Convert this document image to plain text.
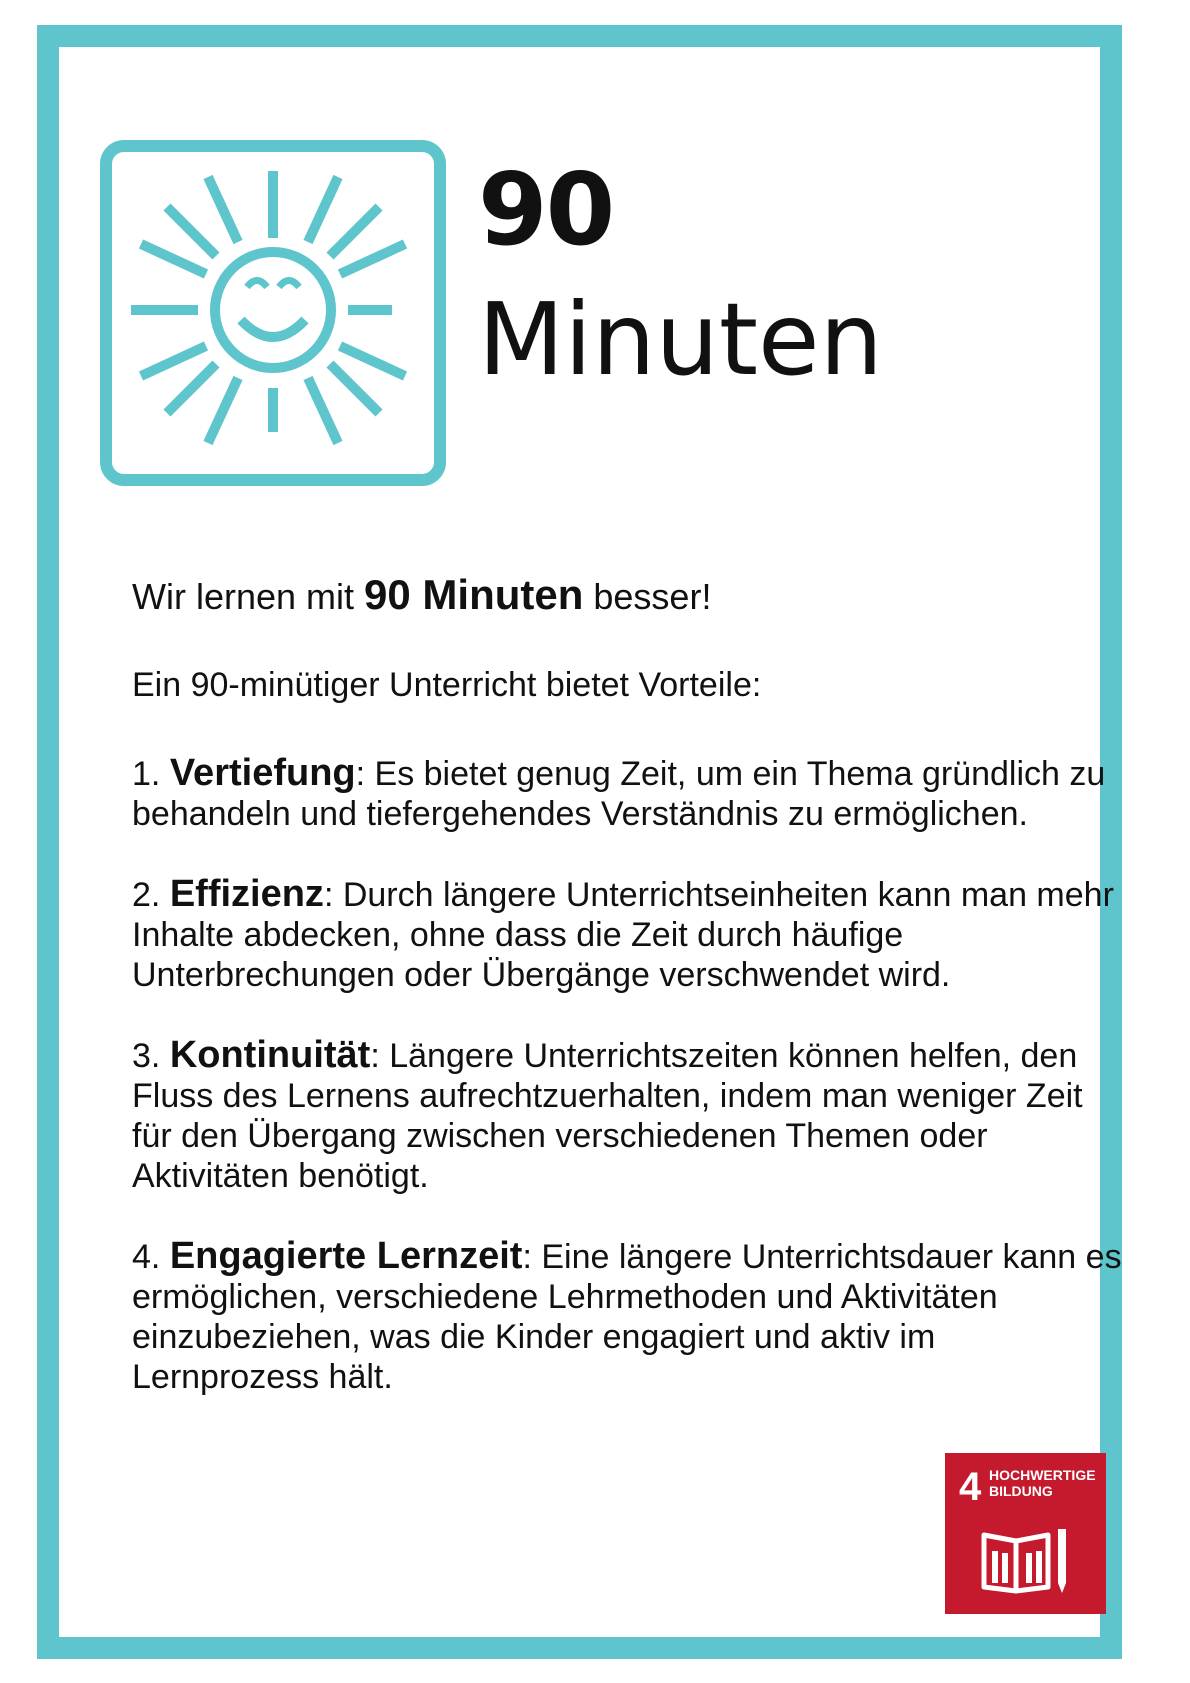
90
Minuten

Wir lernen mit 90 Minuten besser!

Ein 90-minütiger Unterricht bietet Vorteile:

1. Vertiefung: Es bietet genug Zeit, um ein Thema gründlich zu behandeln und tiefergehendes Verständnis zu ermöglichen.

2. Effizienz: Durch längere Unterrichtseinheiten kann man mehr Inhalte abdecken, ohne dass die Zeit durch häufige Unterbrechungen oder Übergänge verschwendet wird.

3. Kontinuität: Längere Unterrichtszeiten können helfen, den Fluss des Lernens aufrechtzuerhalten, indem man weniger Zeit für den Übergang zwischen verschiedenen Themen oder Aktivitäten benötigt.

4. Engagierte Lernzeit: Eine längere Unterrichtsdauer kann es ermöglichen, verschiedene Lehrmethoden und Aktivitäten einzubeziehen, was die Kinder engagiert und aktiv im Lernprozess hält.

4 HOCHWERTIGE
BILDUNG
